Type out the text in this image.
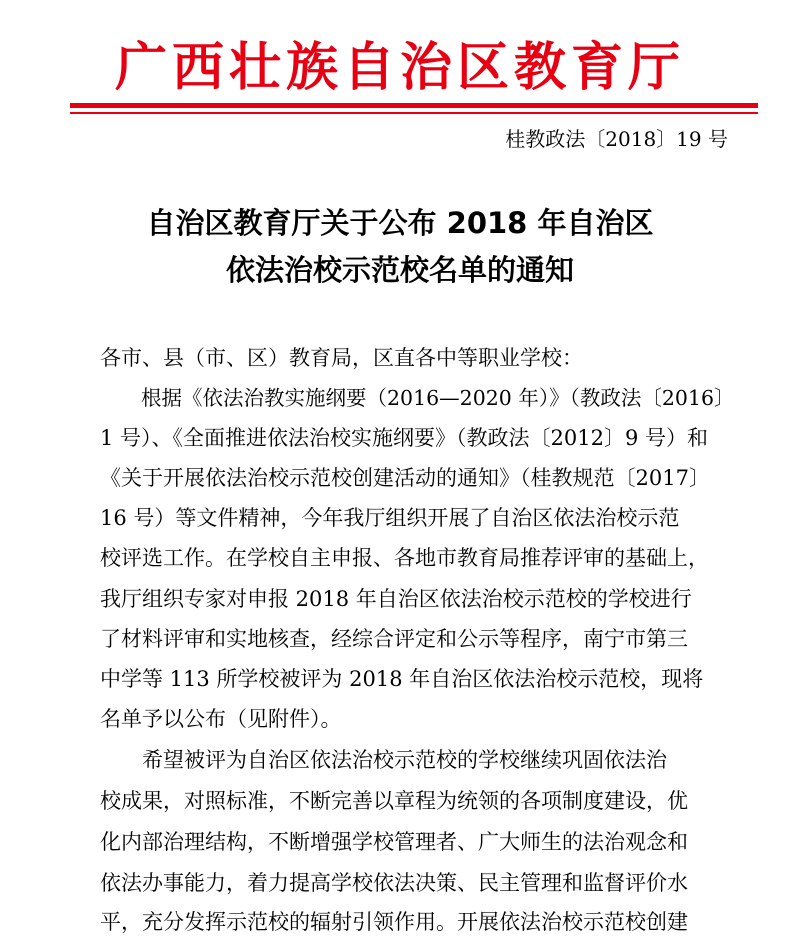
广西壮族自治区教育厅
桂教政法〔2018〕19 号
自治区教育厅关于公布 2018 年自治区
依法治校示范校名单的通知
各市、县（市、区）教育局，区直各中等职业学校：
　　根据《依法治教实施纲要（2016—2020 年）》（教政法〔2016〕
1 号）、《全面推进依法治校实施纲要》（教政法〔2012〕9 号）和
《关于开展依法治校示范校创建活动的通知》（桂教规范〔2017〕
16 号）等文件精神，今年我厅组织开展了自治区依法治校示范
校评选工作。在学校自主申报、各地市教育局推荐评审的基础上，
我厅组织专家对申报 2018 年自治区依法治校示范校的学校进行
了材料评审和实地核查，经综合评定和公示等程序，南宁市第三
中学等 113 所学校被评为 2018 年自治区依法治校示范校，现将
名单予以公布（见附件）。
　　希望被评为自治区依法治校示范校的学校继续巩固依法治
校成果，对照标准，不断完善以章程为统领的各项制度建设，优
化内部治理结构，不断增强学校管理者、广大师生的法治观念和
依法办事能力，着力提高学校依法决策、民主管理和监督评价水
平，充分发挥示范校的辐射引领作用。开展依法治校示范校创建
